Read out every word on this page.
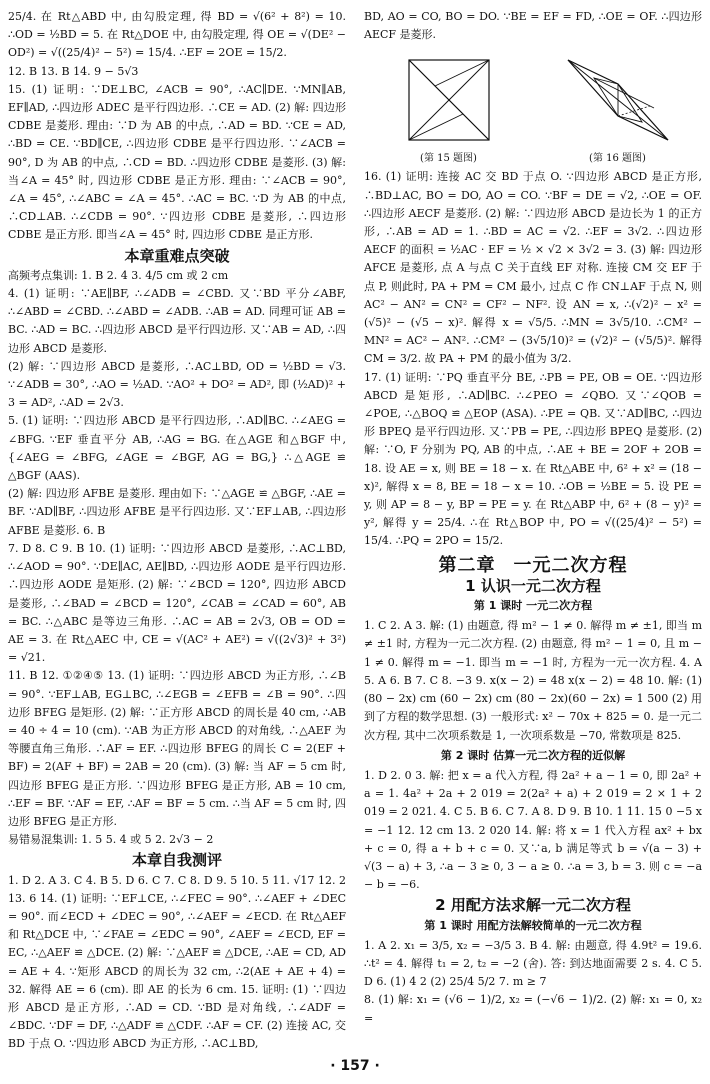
25/4. 在 Rt△ABD 中, 由勾股定理, 得 BD = √(6² + 8²) = 10. ∴OD = ½BD = 5. 在 Rt△DOE 中, 由勾股定理, 得 OE = √(DE² − OD²) = √((25/4)² − 5²) = 15/4. ∴EF = 2OE = 15/2.

12. B 13. B 14. 9 − 5√3

15. (1) 证明: ∵DE⊥BC, ∠ACB = 90°, ∴AC∥DE. ∵MN∥AB, EF∥AD, ∴四边形 ADEC 是平行四边形. ∴CE = AD. (2) 解: 四边形 CDBE 是菱形. 理由: ∵D 为 AB 的中点, ∴AD = BD. ∵CE = AD, ∴BD = CE. ∵BD∥CE, ∴四边形 CDBE 是平行四边形. ∵∠ACB = 90°, D 为 AB 的中点, ∴CD = BD. ∴四边形 CDBE 是菱形. (3) 解: 当∠A = 45° 时, 四边形 CDBE 是正方形. 理由: ∵∠ACB = 90°, ∠A = 45°, ∴∠ABC = ∠A = 45°. ∴AC = BC. ∵D 为 AB 的中点, ∴CD⊥AB. ∴∠CDB = 90°. ∵四边形 CDBE 是菱形, ∴四边形 CDBE 是正方形. 即当∠A = 45° 时, 四边形 CDBE 是正方形.

本章重难点突破

高频考点集训: 1. B 2. 4 3. 4/5 cm 或 2 cm

4. (1) 证明: ∵AE∥BF, ∴∠ADB = ∠CBD. 又∵BD 平分∠ABF, ∴∠ABD = ∠CBD. ∴∠ABD = ∠ADB. ∴AB = AD. 同理可证 AB = BC. ∴AD = BC. ∴四边形 ABCD 是平行四边形. 又∵AB = AD, ∴四边形 ABCD 是菱形.

(2) 解: ∵四边形 ABCD 是菱形, ∴AC⊥BD, OD = ½BD = √3. ∵∠ADB = 30°, ∴AO = ½AD. ∵AO² + DO² = AD², 即 (½AD)² + 3 = AD², ∴AD = 2√3.

5. (1) 证明: ∵四边形 ABCD 是平行四边形, ∴AD∥BC. ∴∠AEG = ∠BFG. ∵EF 垂直平分 AB, ∴AG = BG. 在△AGE 和△BGF 中, {∠AEG = ∠BFG, ∠AGE = ∠BGF, AG = BG,} ∴△AGE ≌ △BGF (AAS).

(2) 解: 四边形 AFBE 是菱形. 理由如下: ∵△AGE ≌ △BGF, ∴AE = BF. ∵AD∥BF, ∴四边形 AFBE 是平行四边形. 又∵EF⊥AB, ∴四边形 AFBE 是菱形. 6. B

7. D 8. C 9. B 10. (1) 证明: ∵四边形 ABCD 是菱形, ∴AC⊥BD, ∴∠AOD = 90°. ∵DE∥AC, AE∥BD, ∴四边形 AODE 是平行四边形. ∴四边形 AODE 是矩形. (2) 解: ∵∠BCD = 120°, 四边形 ABCD 是菱形, ∴∠BAD = ∠BCD = 120°, ∠CAB = ∠CAD = 60°, AB = BC. ∴△ABC 是等边三角形. ∴AC = AB = 2√3, OB = OD = AE = 3. 在 Rt△AEC 中, CE = √(AC² + AE²) = √((2√3)² + 3²) = √21.

11. B 12. ①②④⑤ 13. (1) 证明: ∵四边形 ABCD 为正方形, ∴∠B = 90°. ∵EF⊥AB, EG⊥BC, ∴∠EGB = ∠EFB = ∠B = 90°. ∴四边形 BFEG 是矩形. (2) 解: ∵正方形 ABCD 的周长是 40 cm, ∴AB = 40 ÷ 4 = 10 (cm). ∵AB 为正方形 ABCD 的对角线, ∴△AEF 为等腰直角三角形. ∴AF = EF. ∴四边形 BFEG 的周长 C = 2(EF + BF) = 2(AF + BF) = 2AB = 20 (cm). (3) 解: 当 AF = 5 cm 时, 四边形 BFEG 是正方形. ∵四边形 BFEG 是正方形, AB = 10 cm, ∴EF = BF. ∵AF = EF, ∴AF = BF = 5 cm. ∴当 AF = 5 cm 时, 四边形 BFEG 是正方形.

易错易混集训: 1. 5 5. 4 或 5 2. 2√3 − 2

本章自我测评

1. D 2. A 3. C 4. B 5. D 6. C 7. C 8. D 9. 5 10. 5 11. √17 12. 2 13. 6 14. (1) 证明: ∵EF⊥CE, ∴∠FEC = 90°. ∴∠AEF + ∠DEC = 90°. 而∠ECD + ∠DEC = 90°, ∴∠AEF = ∠ECD. 在 Rt△AEF 和 Rt△DCE 中, ∵∠FAE = ∠EDC = 90°, ∠AEF = ∠ECD, EF = EC, ∴△AEF ≌ △DCE. (2) 解: ∵△AEF ≌ △DCE, ∴AE = CD, AD = AE + 4. ∵矩形 ABCD 的周长为 32 cm, ∴2(AE + AE + 4) = 32. 解得 AE = 6 (cm). 即 AE 的长为 6 cm. 15. 证明: (1) ∵四边形 ABCD 是正方形, ∴AD = CD. ∵BD 是对角线, ∴∠ADF = ∠BDC. ∵DF = DF, ∴△ADF ≌ △CDF. ∴AF = CF. (2) 连接 AC, 交 BD 于点 O. ∵四边形 ABCD 为正方形, ∴AC⊥BD,

BD, AO = CO, BO = DO. ∵BE = EF = FD, ∴OE = OF. ∴四边形 AECF 是菱形.

(第 15 题图)	(第 16 题图)

16. (1) 证明: 连接 AC 交 BD 于点 O. ∵四边形 ABCD 是正方形, ∴BD⊥AC, BO = DO, AO = CO. ∵BF = DE = √2, ∴OE = OF. ∴四边形 AECF 是菱形. (2) 解: ∵四边形 ABCD 是边长为 1 的正方形, ∴AB = AD = 1. ∴BD = AC = √2. ∴EF = 3√2. ∴四边形 AECF 的面积 = ½AC · EF = ½ × √2 × 3√2 = 3. (3) 解: 四边形 AFCE 是菱形, 点 A 与点 C 关于直线 EF 对称. 连接 CM 交 EF 于点 P, 则此时, PA + PM = CM 最小, 过点 C 作 CN⊥AF 于点 N, 则 AC² − AN² = CN² = CF² − NF². 设 AN = x, ∴(√2)² − x² = (√5)² − (√5 − x)². 解得 x = √5/5. ∴MN = 3√5/10. ∴CM² − MN² = AC² − AN². ∴CM² − (3√5/10)² = (√2)² − (√5/5)². 解得 CM = 3/2. 故 PA + PM 的最小值为 3/2.

17. (1) 证明: ∵PQ 垂直平分 BE, ∴PB = PE, OB = OE. ∵四边形 ABCD 是矩形, ∴AD∥BC. ∴∠PEO = ∠QBO. 又∵∠QOB = ∠POE, ∴△BOQ ≌ △EOP (ASA). ∴PE = QB. 又∵AD∥BC, ∴四边形 BPEQ 是平行四边形. 又∵PB = PE, ∴四边形 BPEQ 是菱形. (2) 解: ∵O, F 分别为 PQ, AB 的中点, ∴AE + BE = 2OF + 2OB = 18. 设 AE = x, 则 BE = 18 − x. 在 Rt△ABE 中, 6² + x² = (18 − x)², 解得 x = 8, BE = 18 − x = 10. ∴OB = ½BE = 5. 设 PE = y, 则 AP = 8 − y, BP = PE = y. 在 Rt△ABP 中, 6² + (8 − y)² = y², 解得 y = 25/4. ∴在 Rt△BOP 中, PO = √((25/4)² − 5²) = 15/4. ∴PQ = 2PO = 15/2.

第二章 一元二次方程
1 认识一元二次方程
第 1 课时 一元二次方程

1. C 2. A 3. 解: (1) 由题意, 得 m² − 1 ≠ 0. 解得 m ≠ ±1, 即当 m ≠ ±1 时, 方程为一元二次方程. (2) 由题意, 得 m² − 1 = 0, 且 m − 1 ≠ 0. 解得 m = −1. 即当 m = −1 时, 方程为一元一次方程. 4. A 5. A 6. B 7. C 8. −3 9. x(x − 2) = 48 x(x − 2) = 48 10. 解: (1) (80 − 2x) cm (60 − 2x) cm (80 − 2x)(60 − 2x) = 1 500 (2) 用到了方程的数学思想. (3) 一般形式: x² − 70x + 825 = 0. 是一元二次方程, 其中二次项系数是 1, 一次项系数是 −70, 常数项是 825.

第 2 课时 估算一元二次方程的近似解

1. D 2. 0 3. 解: 把 x = a 代入方程, 得 2a² + a − 1 = 0, 即 2a² + a = 1. 4a² + 2a + 2 019 = 2(2a² + a) + 2 019 = 2 × 1 + 2 019 = 2 021. 4. C 5. B 6. C 7. A 8. D 9. B 10. 1 11. 15 0 −5 x = −1 12. 12 cm 13. 2 020 14. 解: 将 x = 1 代入方程 ax² + bx + c = 0, 得 a + b + c = 0. 又∵a, b 满足等式 b = √(a − 3) + √(3 − a) + 3, ∴a − 3 ≥ 0, 3 − a ≥ 0. ∴a = 3, b = 3. 则 c = −a − b = −6.

2 用配方法求解一元二次方程
第 1 课时 用配方法解较简单的一元二次方程

1. A 2. x₁ = 3/5, x₂ = −3/5 3. B 4. 解: 由题意, 得 4.9t² = 19.6. ∴t² = 4. 解得 t₁ = 2, t₂ = −2 (舍). 答: 到达地面需要 2 s. 4. C 5. D 6. (1) 4 2 (2) 25/4 5/2 7. m ≥ 7

8. (1) 解: x₁ = (√6 − 1)/2, x₂ = (−√6 − 1)/2. (2) 解: x₁ = 0, x₂ =

· 157 ·
